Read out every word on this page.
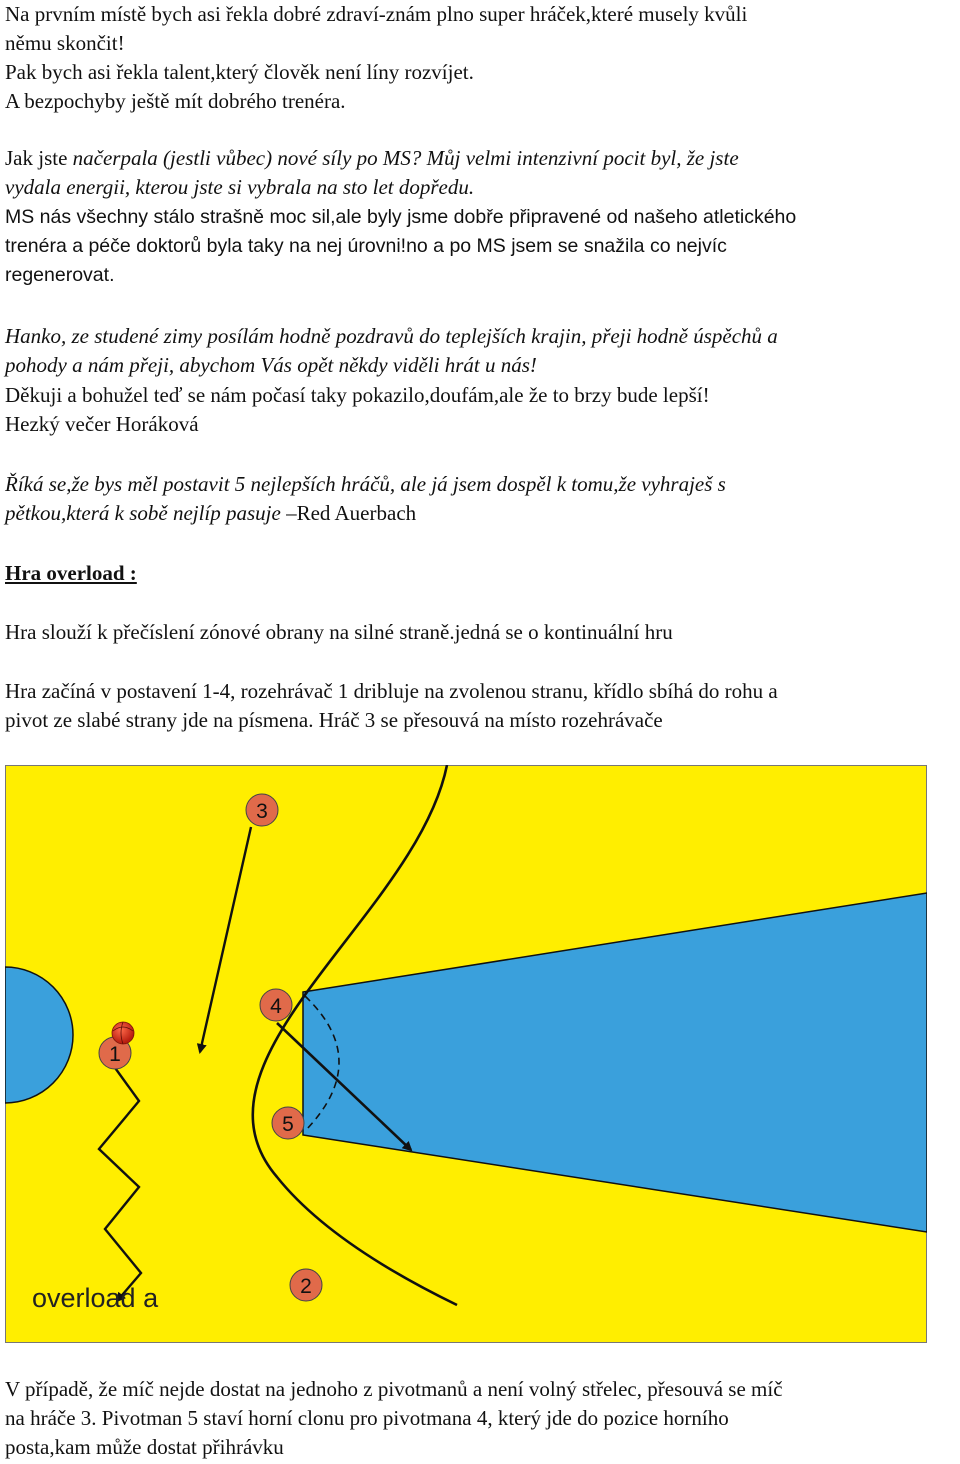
Na prvním místě bych asi řekla dobré zdraví-znám plno super hráček,které musely kvůli
němu skončit!
Pak bych asi řekla talent,který člověk není líny rozvíjet.
A bezpochyby ještě mít dobrého trenéra.
Jak jste načerpala (jestli vůbec) nové síly po MS? Můj velmi intenzivní pocit byl, že jste
vydala energii, kterou jste si vybrala na sto let dopředu.
MS nás všechny stálo strašně moc sil,ale byly jsme dobře připravené od našeho atletického
trenéra a péče doktorů byla taky na nej úrovni!no a po MS jsem se snažila co nejvíc
regenerovat.
Hanko, ze studené zimy posílám hodně pozdravů do teplejších krajin, přeji hodně úspěchů a
pohody a nám přeji, abychom Vás opět někdy viděli hrát u nás!
Děkuji a bohužel teď se nám počasí taky pokazilo,doufám,ale že to brzy bude lepší!
Hezký večer Horáková
Říká se,že bys měl postavit 5 nejlepších hráčů, ale já jsem dospěl k tomu,že vyhraješ s
pětkou,která k sobě nejlíp pasuje –Red Auerbach
Hra overload :
Hra slouží k přečíslení zónové obrany na silné straně.jedná se o kontinuální hru
Hra začíná v postavení 1-4, rozehrávač 1 dribluje na zvolenou stranu, křídlo sbíhá do rohu a
pivot ze slabé strany jde na písmena. Hráč 3 se přesouvá na místo rozehrávače
3
4
1
5
2
overload a
V případě, že míč nejde dostat na jednoho z pivotmanů a není volný střelec, přesouvá se míč
na hráče 3. Pivotman 5 staví horní clonu pro pivotmana 4, který jde do pozice horního
posta,kam může dostat přihrávku
